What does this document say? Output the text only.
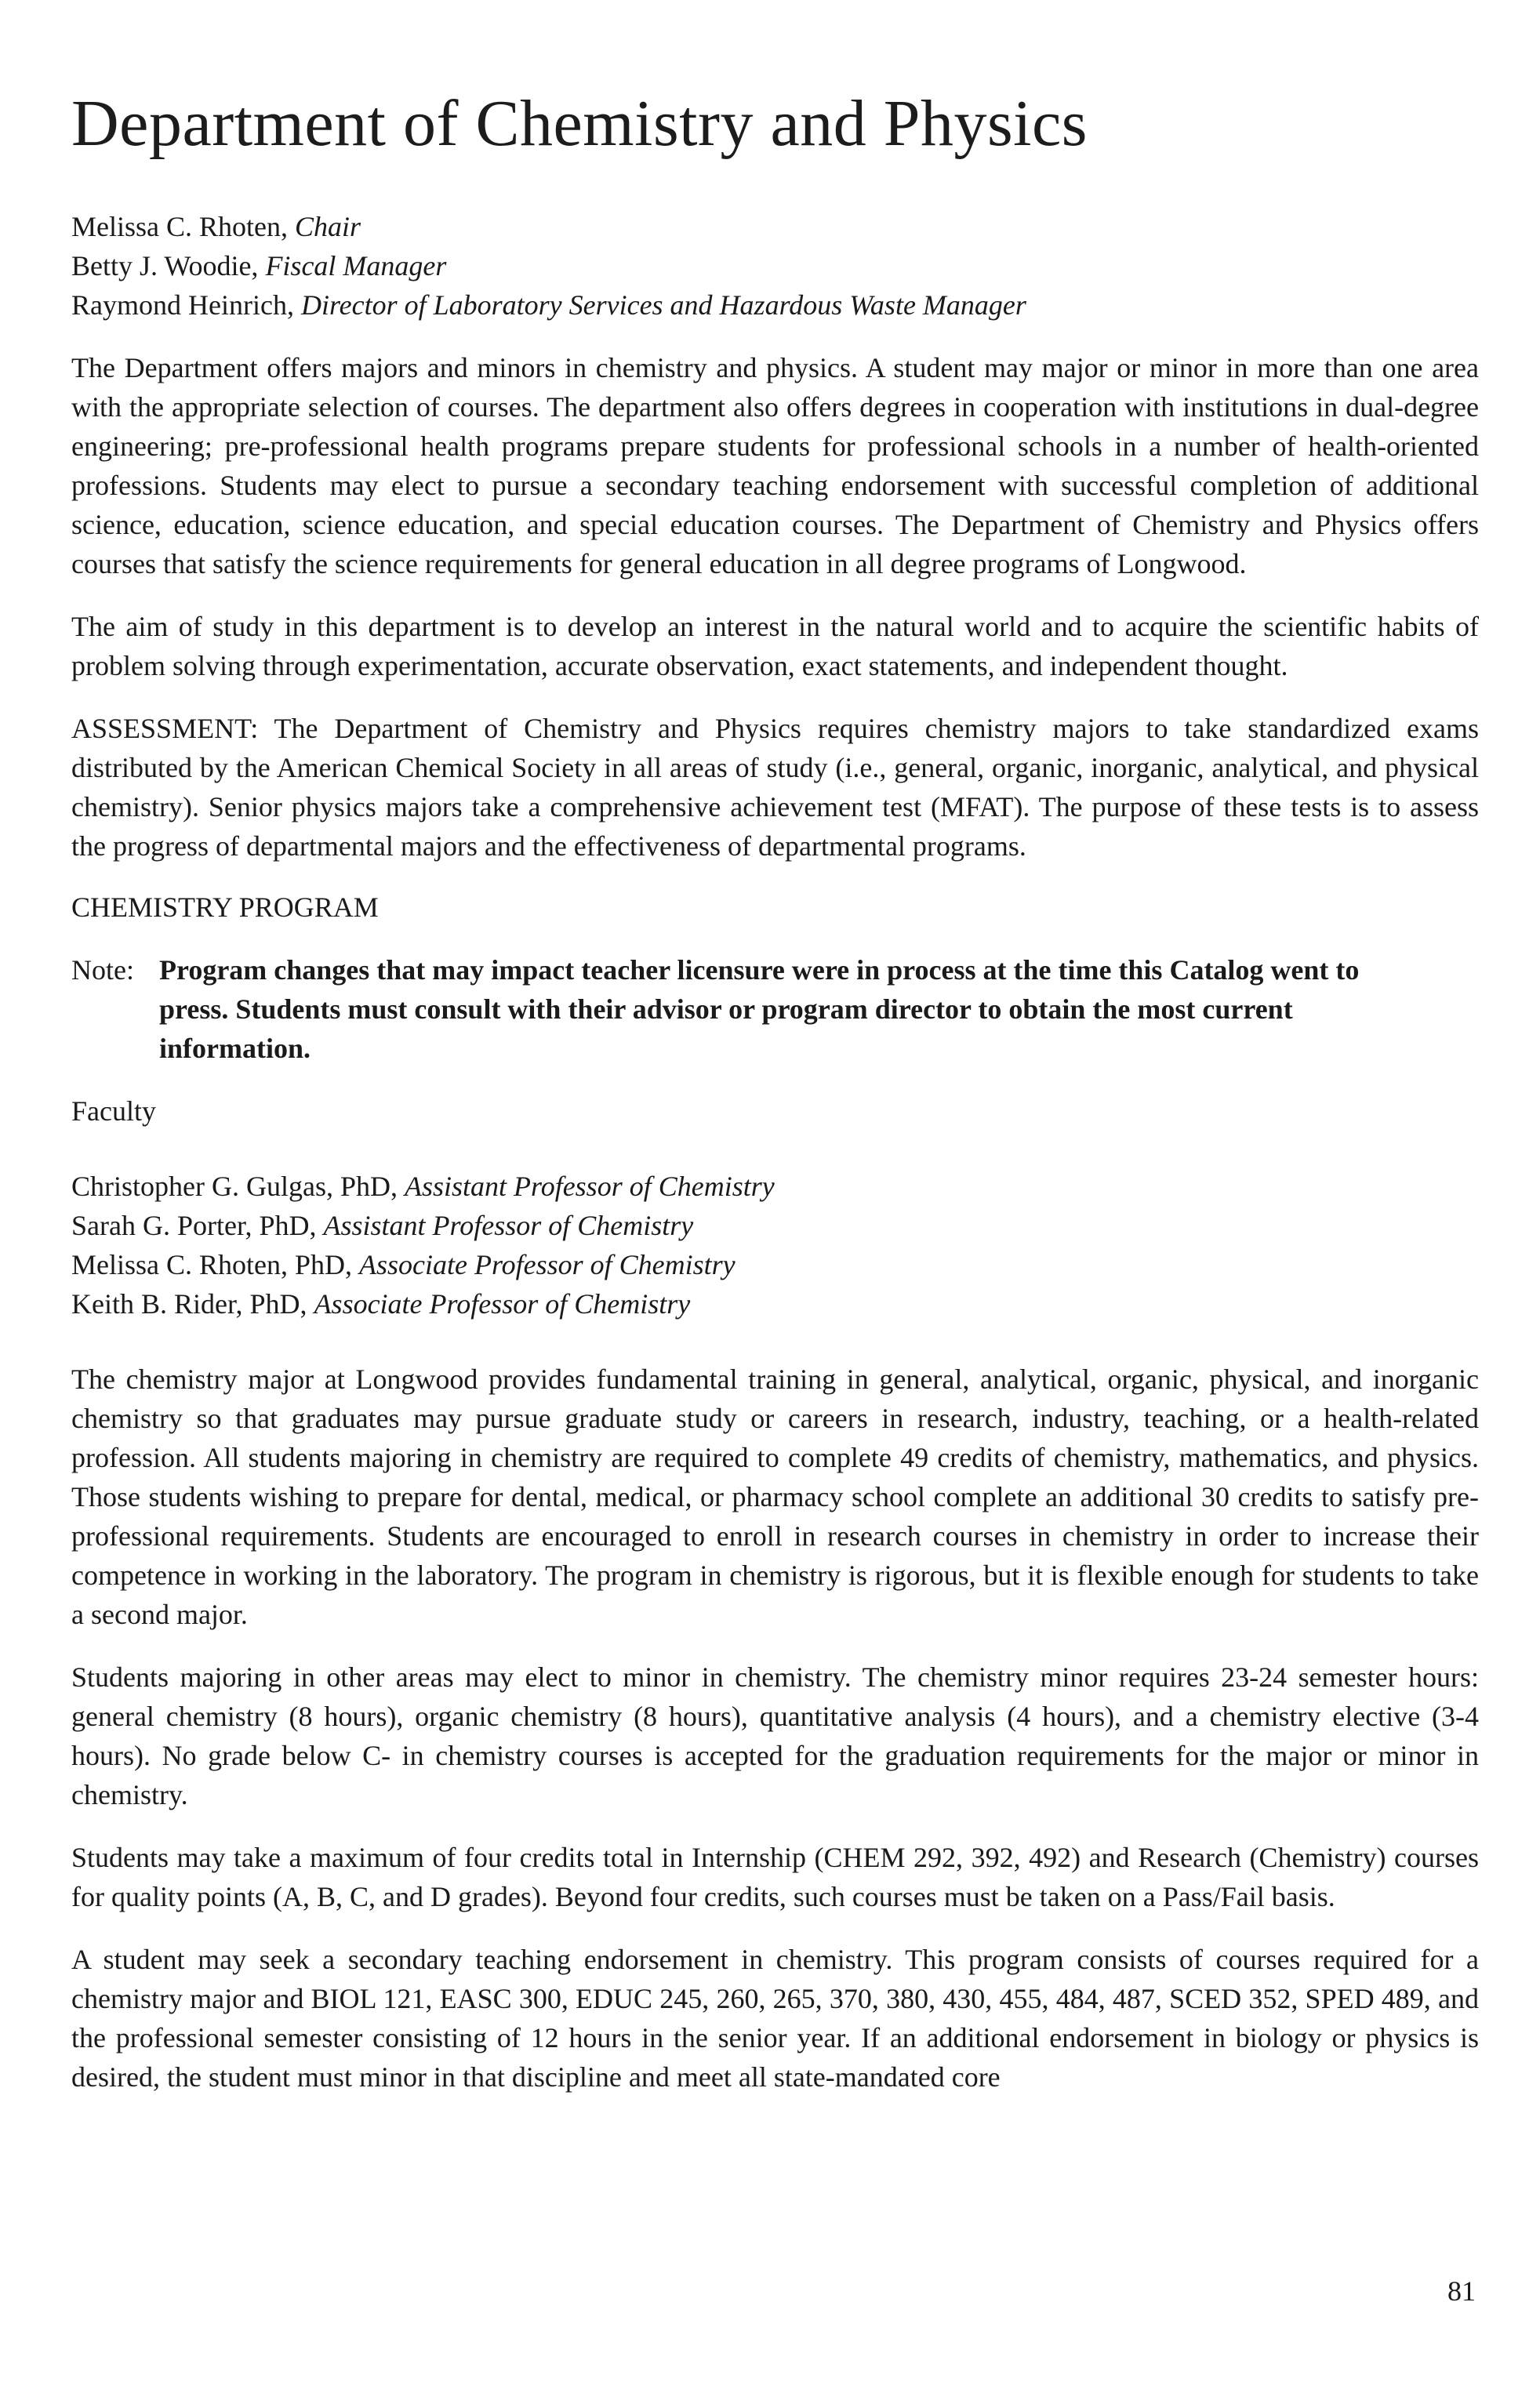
Department of Chemistry and Physics
Melissa C. Rhoten, Chair
Betty J. Woodie, Fiscal Manager
Raymond Heinrich, Director of Laboratory Services and Hazardous Waste Manager

The Department offers majors and minors in chemistry and physics. A student may major or minor in more than one area with the appropriate selection of courses. The department also offers degrees in cooperation with institutions in dual-degree engineering; pre-professional health programs prepare students for professional schools in a number of health-oriented professions. Students may elect to pursue a secondary teaching endorsement with successful completion of additional science, education, science education, and special education courses. The Department of Chemistry and Physics offers courses that satisfy the science requirements for general education in all degree programs of Longwood.

The aim of study in this department is to develop an interest in the natural world and to acquire the scientific habits of problem solving through experimentation, accurate observation, exact statements, and independent thought.

ASSESSMENT: The Department of Chemistry and Physics requires chemistry majors to take standardized exams distributed by the American Chemical Society in all areas of study (i.e., general, organic, inorganic, analytical, and physical chemistry). Senior physics majors take a comprehensive achievement test (MFAT). The purpose of these tests is to assess the progress of departmental majors and the effectiveness of departmental programs.

CHEMISTRY PROGRAM
Note: Program changes that may impact teacher licensure were in process at the time this Catalog went to press. Students must consult with their advisor or program director to obtain the most current information.
Faculty
Christopher G. Gulgas, PhD, Assistant Professor of Chemistry
Sarah G. Porter, PhD, Assistant Professor of Chemistry
Melissa C. Rhoten, PhD, Associate Professor of Chemistry
Keith B. Rider, PhD, Associate Professor of Chemistry

The chemistry major at Longwood provides fundamental training in general, analytical, organic, physical, and inorganic chemistry so that graduates may pursue graduate study or careers in research, industry, teaching, or a health-related profession. All students majoring in chemistry are required to complete 49 credits of chemistry, mathematics, and physics. Those students wishing to prepare for dental, medical, or pharmacy school complete an additional 30 credits to satisfy pre-professional requirements. Students are encouraged to enroll in research courses in chemistry in order to increase their competence in working in the laboratory. The program in chemistry is rigorous, but it is flexible enough for students to take a second major.

Students majoring in other areas may elect to minor in chemistry. The chemistry minor requires 23-24 semester hours: general chemistry (8 hours), organic chemistry (8 hours), quantitative analysis (4 hours), and a chemistry elective (3-4 hours). No grade below C- in chemistry courses is accepted for the graduation requirements for the major or minor in chemistry.

Students may take a maximum of four credits total in Internship (CHEM 292, 392, 492) and Research (Chemistry) courses for quality points (A, B, C, and D grades). Beyond four credits, such courses must be taken on a Pass/Fail basis.

A student may seek a secondary teaching endorsement in chemistry. This program consists of courses required for a chemistry major and BIOL 121, EASC 300, EDUC 245, 260, 265, 370, 380, 430, 455, 484, 487, SCED 352, SPED 489, and the professional semester consisting of 12 hours in the senior year. If an additional endorsement in biology or physics is desired, the student must minor in that discipline and meet all state-mandated core

81
